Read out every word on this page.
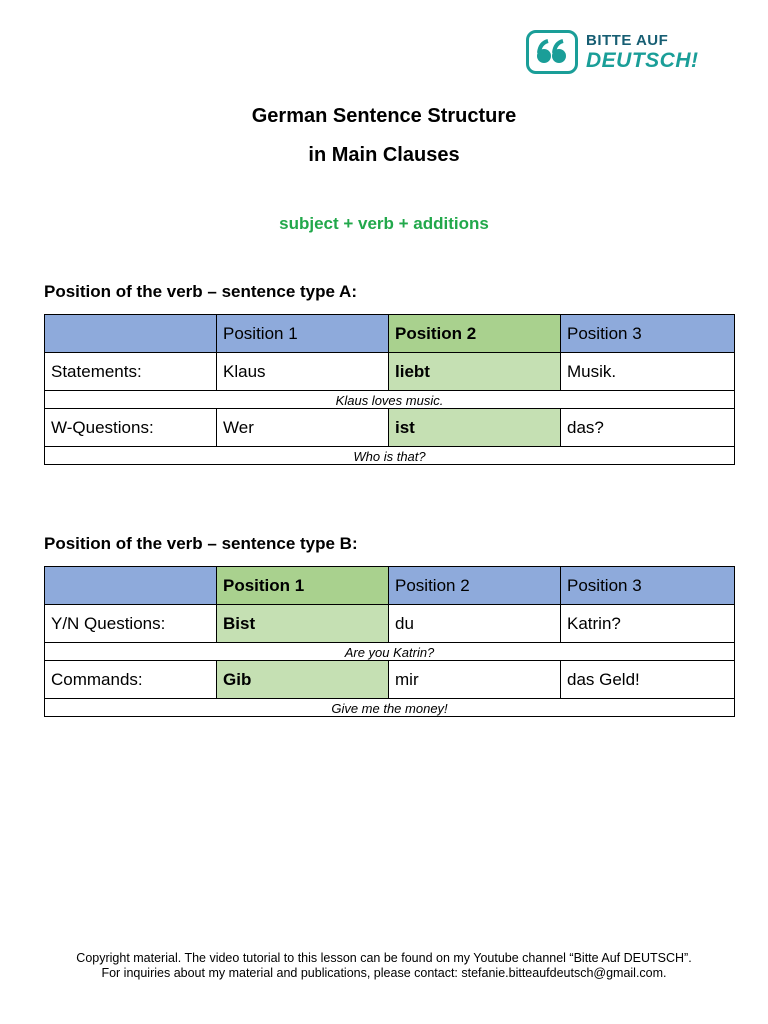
BITTE AUF
DEUTSCH!
German Sentence Structure
in Main Clauses
subject + verb + additions
Position of the verb – sentence type A:
	Position 1	Position 2	Position 3
Statements:	Klaus	liebt	Musik.
Klaus loves music.			
W-Questions:	Wer	ist	das?
Who is that?			
Position of the verb – sentence type B:
	Position 1	Position 2	Position 3
Y/N Questions:	Bist	du	Katrin?
Are you Katrin?			
Commands:	Gib	mir	das Geld!
Give me the money!			
Copyright material. The video tutorial to this lesson can be found on my Youtube channel “Bitte Auf DEUTSCH”.
For inquiries about my material and publications, please contact: stefanie.bitteaufdeutsch@gmail.com.
